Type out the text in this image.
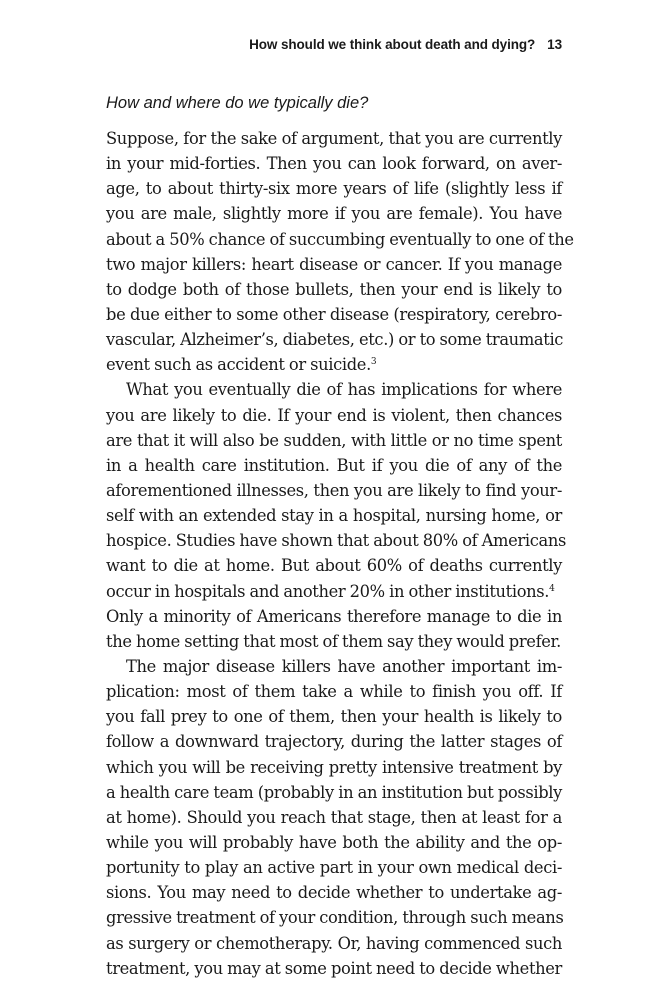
How should we think about death and dying? 13
How and where do we typically die?
Suppose, for the sake of argument, that you are currently
in your mid-forties. Then you can look forward, on aver-
age, to about thirty-six more years of life (slightly less if
you are male, slightly more if you are female). You have
about a 50% chance of succumbing eventually to one of the
two major killers: heart disease or cancer. If you manage
to dodge both of those bullets, then your end is likely to
be due either to some other disease (respiratory, cerebro-
vascular, Alzheimer’s, diabetes, etc.) or to some traumatic
event such as accident or suicide.$^3$
What you eventually die of has implications for where
you are likely to die. If your end is violent, then chances
are that it will also be sudden, with little or no time spent
in a health care institution. But if you die of any of the
aforementioned illnesses, then you are likely to find your-
self with an extended stay in a hospital, nursing home, or
hospice. Studies have shown that about 80% of Americans
want to die at home. But about 60% of deaths currently
occur in hospitals and another 20% in other institutions.$^4$
Only a minority of Americans therefore manage to die in
the home setting that most of them say they would prefer.
The major disease killers have another important im-
plication: most of them take a while to finish you off. If
you fall prey to one of them, then your health is likely to
follow a downward trajectory, during the latter stages of
which you will be receiving pretty intensive treatment by
a health care team (probably in an institution but possibly
at home). Should you reach that stage, then at least for a
while you will probably have both the ability and the op-
portunity to play an active part in your own medical deci-
sions. You may need to decide whether to undertake ag-
gressive treatment of your condition, through such means
as surgery or chemotherapy. Or, having commenced such
treatment, you may at some point need to decide whether
